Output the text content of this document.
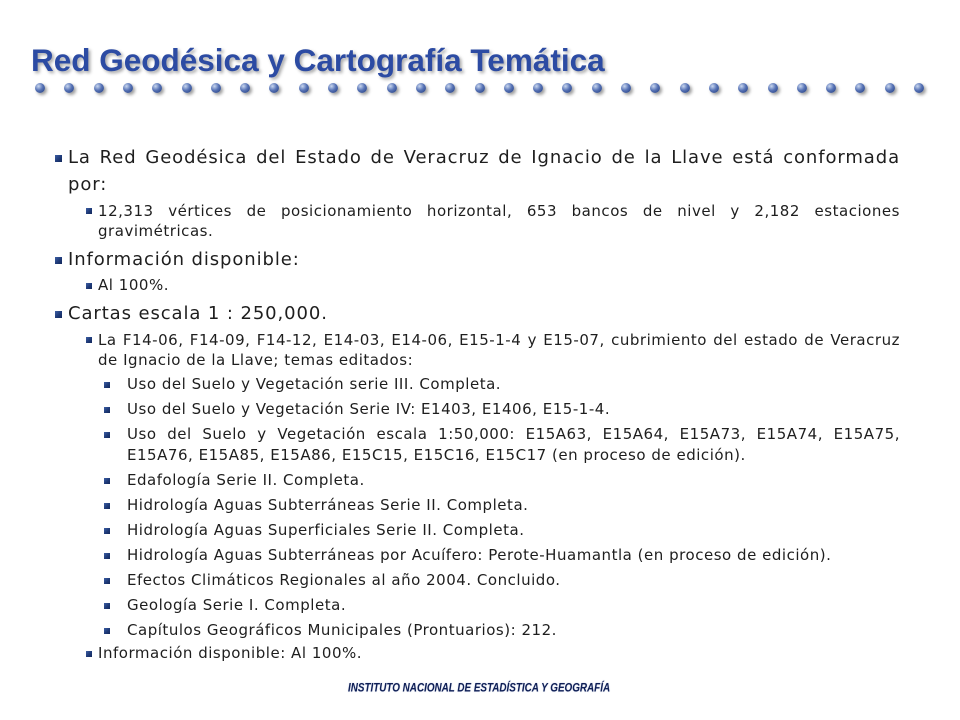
Red Geodésica y Cartografía Temática
La Red Geodésica del Estado de Veracruz de Ignacio de la Llave está conformada por:
12,313 vértices de posicionamiento horizontal, 653 bancos de nivel y 2,182 estaciones gravimétricas.
Información disponible:
Al 100%.
Cartas escala 1 : 250,000.
La F14-06, F14-09, F14-12, E14-03, E14-06, E15-1-4 y E15-07, cubrimiento del estado de Veracruz de Ignacio de la Llave; temas editados:
Uso del Suelo y Vegetación serie III. Completa.
Uso del Suelo y Vegetación Serie IV: E1403, E1406, E15-1-4.
Uso del Suelo y Vegetación escala 1:50,000: E15A63, E15A64, E15A73, E15A74, E15A75, E15A76, E15A85, E15A86, E15C15, E15C16, E15C17 (en proceso de edición).
Edafología Serie II. Completa.
Hidrología Aguas Subterráneas Serie II. Completa.
Hidrología Aguas Superficiales Serie II. Completa.
Hidrología Aguas Subterráneas por Acuífero: Perote-Huamantla (en proceso de edición).
Efectos Climáticos Regionales al año 2004. Concluido.
Geología Serie I. Completa.
Capítulos Geográficos Municipales (Prontuarios): 212.
Información disponible: Al 100%.
INSTITUTO NACIONAL DE ESTADÍSTICA Y GEOGRAFÍA
